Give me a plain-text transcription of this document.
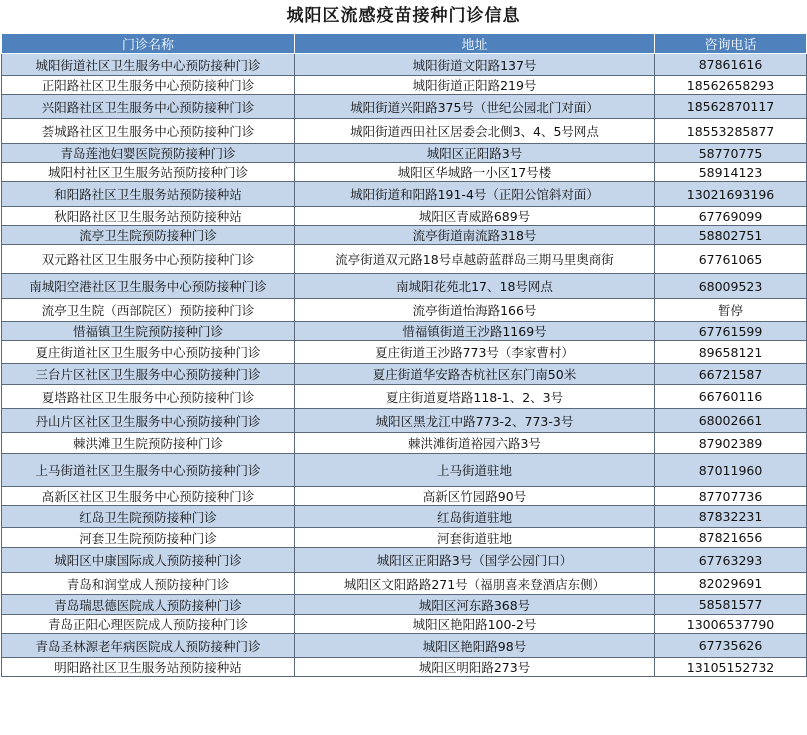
城阳区流感疫苗接种门诊信息
门诊名称	地址	咨询电话
城阳街道社区卫生服务中心预防接种门诊	城阳街道文阳路137号	87861616
正阳路社区卫生服务中心预防接种门诊	城阳街道正阳路219号	18562658293
兴阳路社区卫生服务中心预防接种门诊	城阳街道兴阳路375号（世纪公园北门对面）	18562870117
荟城路社区卫生服务中心预防接种门诊	城阳街道西田社区居委会北侧3、4、5号网点	18553285877
青岛莲池妇婴医院预防接种门诊	城阳区正阳路3号	58770775
城阳村社区卫生服务站预防接种门诊	城阳区华城路一小区17号楼	58914123
和阳路社区卫生服务站预防接种站	城阳街道和阳路191-4号（正阳公馆斜对面）	13021693196
秋阳路社区卫生服务站预防接种站	城阳区青威路689号	67769099
流亭卫生院预防接种门诊	流亭街道南流路318号	58802751
双元路社区卫生服务中心预防接种门诊	流亭街道双元路18号卓越蔚蓝群岛三期马里奥商街	67761065
南城阳空港社区卫生服务中心预防接种门诊	南城阳花苑北17、18号网点	68009523
流亭卫生院（西部院区）预防接种门诊	流亭街道怡海路166号	暂停
惜福镇卫生院预防接种门诊	惜福镇街道王沙路1169号	67761599
夏庄街道社区卫生服务中心预防接种门诊	夏庄街道王沙路773号（李家曹村）	89658121
三台片区社区卫生服务中心预防接种门诊	夏庄街道华安路杏杭社区东门南50米	66721587
夏塔路社区卫生服务中心预防接种门诊	夏庄街道夏塔路118-1、2、3号	66760116
丹山片区社区卫生服务中心预防接种门诊	城阳区黑龙江中路773-2、773-3号	68002661
棘洪滩卫生院预防接种门诊	棘洪滩街道裕园六路3号	87902389
上马街道社区卫生服务中心预防接种门诊	上马街道驻地	87011960
高新区社区卫生服务中心预防接种门诊	高新区竹园路90号	87707736
红岛卫生院预防接种门诊	红岛街道驻地	87832231
河套卫生院预防接种门诊	河套街道驻地	87821656
城阳区中康国际成人预防接种门诊	城阳区正阳路3号（国学公园门口）	67763293
青岛和润堂成人预防接种门诊	城阳区文阳路路271号（福朋喜来登酒店东侧）	82029691
青岛瑞思德医院成人预防接种门诊	城阳区河东路368号	58581577
青岛正阳心理医院成人预防接种门诊	城阳区艳阳路100-2号	13006537790
青岛圣林源老年病医院成人预防接种门诊	城阳区艳阳路98号	67735626
明阳路社区卫生服务站预防接种站	城阳区明阳路273号	13105152732
